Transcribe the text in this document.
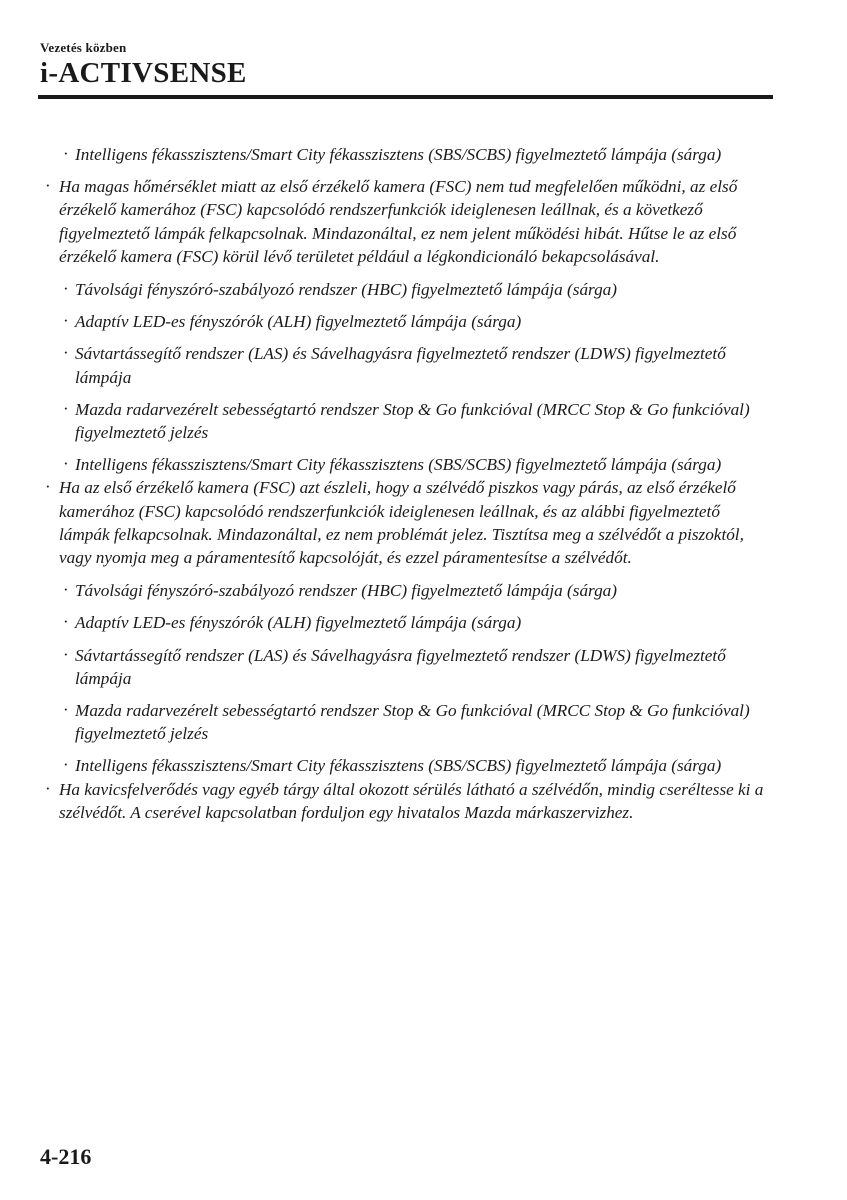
Vezetés közben
i-ACTIVSENSE
· Intelligens fékasszisztens/Smart City fékasszisztens (SBS/SCBS) figyelmeztető lámpája (sárga)
· Ha magas hőmérséklet miatt az első érzékelő kamera (FSC) nem tud megfelelően működni, az első érzékelő kamerához (FSC) kapcsolódó rendszerfunkciók ideiglenesen leállnak, és a következő figyelmeztető lámpák felkapcsolnak. Mindazonáltal, ez nem jelent működési hibát. Hűtse le az első érzékelő kamera (FSC) körül lévő területet például a légkondicionáló bekapcsolásával.
· Távolsági fényszóró-szabályozó rendszer (HBC) figyelmeztető lámpája (sárga)
· Adaptív LED-es fényszórók (ALH) figyelmeztető lámpája (sárga)
· Sávtartássegítő rendszer (LAS) és Sávelhagyásra figyelmeztető rendszer (LDWS) figyelmeztető lámpája
· Mazda radarvezérelt sebességtartó rendszer Stop & Go funkcióval (MRCC Stop & Go funkcióval) figyelmeztető jelzés
· Intelligens fékasszisztens/Smart City fékasszisztens (SBS/SCBS) figyelmeztető lámpája (sárga)
· Ha az első érzékelő kamera (FSC) azt észleli, hogy a szélvédő piszkos vagy párás, az első érzékelő kamerához (FSC) kapcsolódó rendszerfunkciók ideiglenesen leállnak, és az alábbi figyelmeztető lámpák felkapcsolnak. Mindazonáltal, ez nem problémát jelez. Tisztítsa meg a szélvédőt a piszoktól, vagy nyomja meg a páramentesítő kapcsolóját, és ezzel páramentesítse a szélvédőt.
· Távolsági fényszóró-szabályozó rendszer (HBC) figyelmeztető lámpája (sárga)
· Adaptív LED-es fényszórók (ALH) figyelmeztető lámpája (sárga)
· Sávtartássegítő rendszer (LAS) és Sávelhagyásra figyelmeztető rendszer (LDWS) figyelmeztető lámpája
· Mazda radarvezérelt sebességtartó rendszer Stop & Go funkcióval (MRCC Stop & Go funkcióval) figyelmeztető jelzés
· Intelligens fékasszisztens/Smart City fékasszisztens (SBS/SCBS) figyelmeztető lámpája (sárga)
· Ha kavicsfelverődés vagy egyéb tárgy által okozott sérülés látható a szélvédőn, mindig cseréltesse ki a szélvédőt. A cserével kapcsolatban forduljon egy hivatalos Mazda márkaszervizhez.
4-216
